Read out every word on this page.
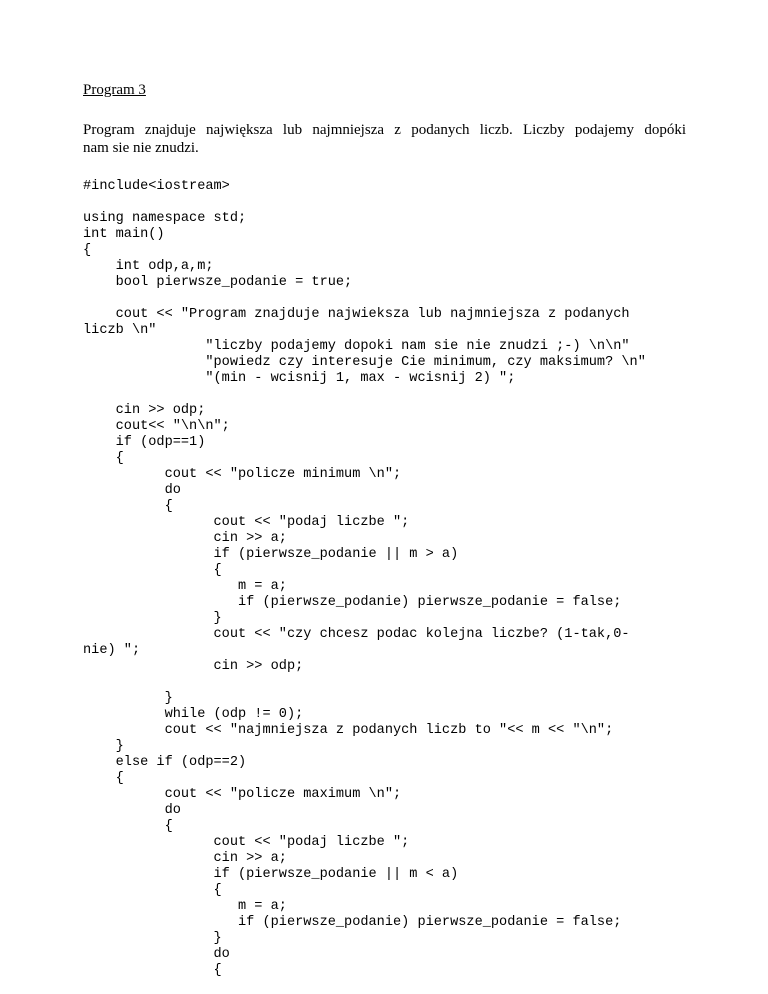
Program 3
Program znajduje największa lub najmniejsza z podanych liczb. Liczby podajemy dopóki
nam sie nie znudzi.
#include<iostream>
using namespace std;
int main()
{
int odp,a,m;
bool pierwsze_podanie = true;
cout << "Program znajduje najwieksza lub najmniejsza z podanych
liczb \n"
"liczby podajemy dopoki nam sie nie znudzi ;-) \n\n"
"powiedz czy interesuje Cie minimum, czy maksimum? \n"
"(min - wcisnij 1, max - wcisnij 2) ";
cin >> odp;
cout<< "\n\n";
if (odp==1)
{
cout << "policze minimum \n";
do
{
cout << "podaj liczbe ";
cin >> a;
if (pierwsze_podanie || m > a)
{
m = a;
if (pierwsze_podanie) pierwsze_podanie = false;
}
cout << "czy chcesz podac kolejna liczbe? (1-tak,0-
nie) ";
cin >> odp;
}
while (odp != 0);
cout << "najmniejsza z podanych liczb to "<< m << "\n";
}
else if (odp==2)
{
cout << "policze maximum \n";
do
{
cout << "podaj liczbe ";
cin >> a;
if (pierwsze_podanie || m < a)
{
m = a;
if (pierwsze_podanie) pierwsze_podanie = false;
}
do
{
